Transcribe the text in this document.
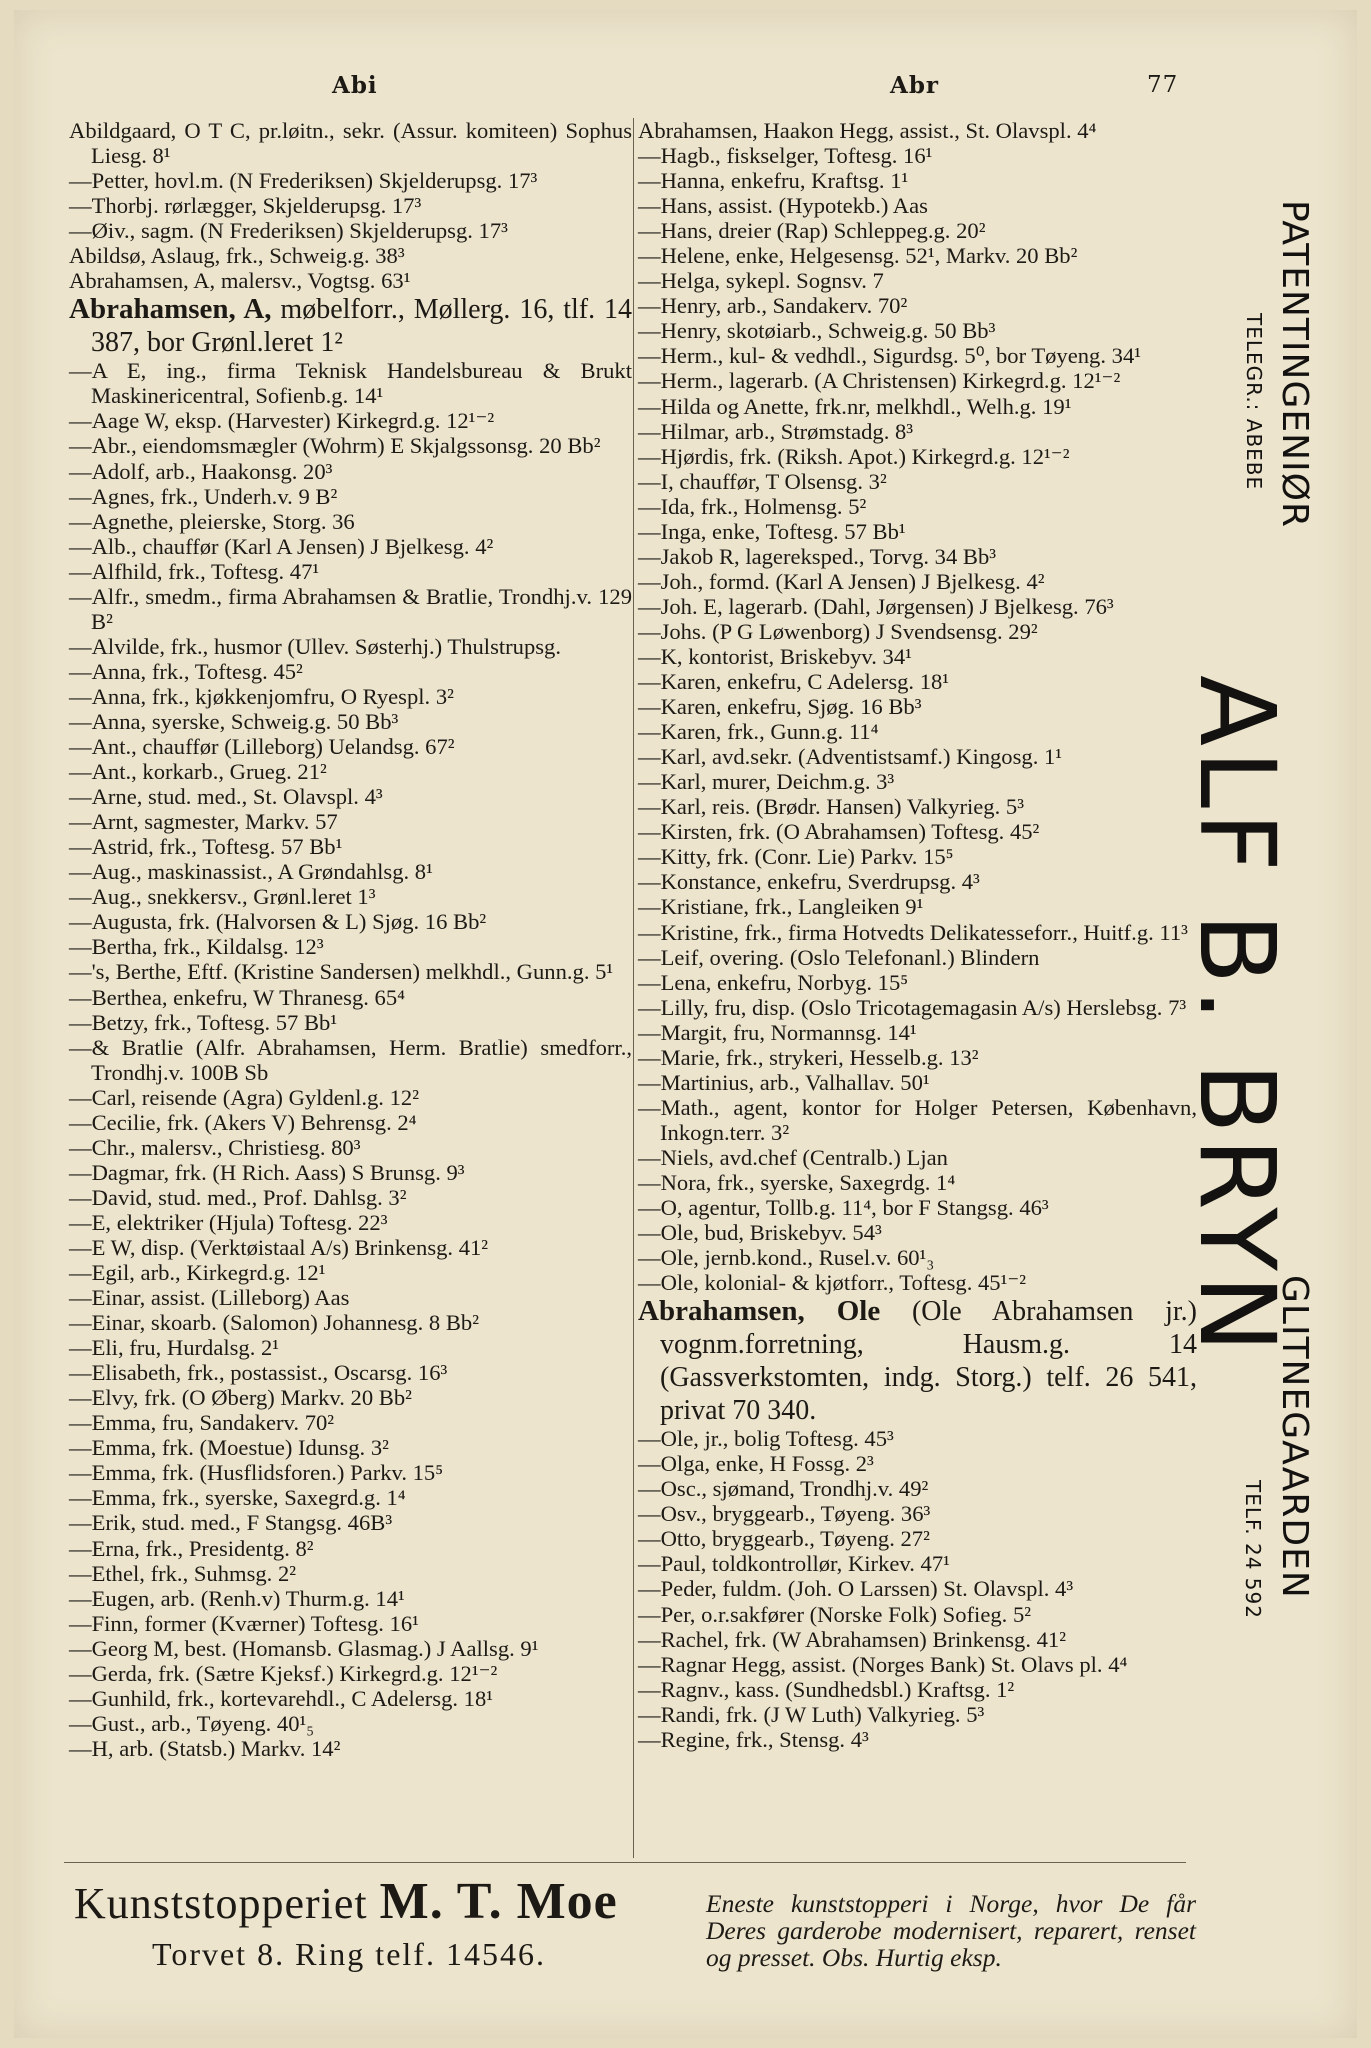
Abi	Abr	77

Abildgaard, O T C, pr.løitn., sekr. (Assur. komiteen) Sophus Liesg. 8¹

—Petter, hovl.m. (N Frederiksen) Skjelderupsg. 17³

—Thorbj. rørlægger, Skjelderupsg. 17³

—Øiv., sagm. (N Frederiksen) Skjelderupsg. 17³

Abildsø, Aslaug, frk., Schweig.g. 38³

Abrahamsen, A, malersv., Vogtsg. 63¹

Abrahamsen, A, møbelforr., Møllerg. 16, tlf. 14 387, bor Grønl.leret 1²

—A E, ing., firma Teknisk Handelsbureau & Brukt Maskinericentral, Sofienb.g. 14¹

—Aage W, eksp. (Harvester) Kirkegrd.g. 12¹⁻²

—Abr., eiendomsmægler (Wohrm) E Skjalgssonsg. 20 Bb²

—Adolf, arb., Haakonsg. 20³

—Agnes, frk., Underh.v. 9 B²

—Agnethe, pleierske, Storg. 36

—Alb., chauffør (Karl A Jensen) J Bjelkesg. 4²

—Alfhild, frk., Toftesg. 47¹

—Alfr., smedm., firma Abrahamsen & Bratlie, Trondhj.v. 129 B²

—Alvilde, frk., husmor (Ullev. Søsterhj.) Thulstrupsg.

—Anna, frk., Toftesg. 45²

—Anna, frk., kjøkkenjomfru, O Ryespl. 3²

—Anna, syerske, Schweig.g. 50 Bb³

—Ant., chauffør (Lilleborg) Uelandsg. 67²

—Ant., korkarb., Grueg. 21²

—Arne, stud. med., St. Olavspl. 4³

—Arnt, sagmester, Markv. 57

—Astrid, frk., Toftesg. 57 Bb¹

—Aug., maskinassist., A Grøndahlsg. 8¹

—Aug., snekkersv., Grønl.leret 1³

—Augusta, frk. (Halvorsen & L) Sjøg. 16 Bb²

—Bertha, frk., Kildalsg. 12³

—'s, Berthe, Eftf. (Kristine Sandersen) melkhdl., Gunn.g. 5¹

—Berthea, enkefru, W Thranesg. 65⁴

—Betzy, frk., Toftesg. 57 Bb¹

—& Bratlie (Alfr. Abrahamsen, Herm. Bratlie) smedforr., Trondhj.v. 100B Sb

—Carl, reisende (Agra) Gyldenl.g. 12²

—Cecilie, frk. (Akers V) Behrensg. 2⁴

—Chr., malersv., Christiesg. 80³

—Dagmar, frk. (H Rich. Aass) S Brunsg. 9³

—David, stud. med., Prof. Dahlsg. 3²

—E, elektriker (Hjula) Toftesg. 22³

—E W, disp. (Verktøistaal A/s) Brinkensg. 41²

—Egil, arb., Kirkegrd.g. 12¹

—Einar, assist. (Lilleborg) Aas

—Einar, skoarb. (Salomon) Johannesg. 8 Bb²

—Eli, fru, Hurdalsg. 2¹

—Elisabeth, frk., postassist., Oscarsg. 16³

—Elvy, frk. (O Øberg) Markv. 20 Bb²

—Emma, fru, Sandakerv. 70²

—Emma, frk. (Moestue) Idunsg. 3²

—Emma, frk. (Husflidsforen.) Parkv. 15⁵

—Emma, frk., syerske, Saxegrd.g. 1⁴

—Erik, stud. med., F Stangsg. 46B³

—Erna, frk., Presidentg. 8²

—Ethel, frk., Suhmsg. 2²

—Eugen, arb. (Renh.v) Thurm.g. 14¹

—Finn, former (Kværner) Toftesg. 16¹

—Georg M, best. (Homansb. Glasmag.) J Aallsg. 9¹

—Gerda, frk. (Sætre Kjeksf.) Kirkegrd.g. 12¹⁻²

—Gunhild, frk., kortevarehdl., C Adelersg. 18¹

—Gust., arb., Tøyeng. 40¹₅

—H, arb. (Statsb.) Markv. 14²

Abrahamsen, Haakon Hegg, assist., St. Olavspl. 4⁴

—Hagb., fiskselger, Toftesg. 16¹

—Hanna, enkefru, Kraftsg. 1¹

—Hans, assist. (Hypotekb.) Aas

—Hans, dreier (Rap) Schleppeg.g. 20²

—Helene, enke, Helgesensg. 52¹, Markv. 20 Bb²

—Helga, sykepl. Sognsv. 7

—Henry, arb., Sandakerv. 70²

—Henry, skotøiarb., Schweig.g. 50 Bb³

—Herm., kul- & vedhdl., Sigurdsg. 5⁰, bor Tøyeng. 34¹

—Herm., lagerarb. (A Christensen) Kirkegrd.g. 12¹⁻²

—Hilda og Anette, frk.nr, melkhdl., Welh.g. 19¹

—Hilmar, arb., Strømstadg. 8³

—Hjørdis, frk. (Riksh. Apot.) Kirkegrd.g. 12¹⁻²

—I, chauffør, T Olsensg. 3²

—Ida, frk., Holmensg. 5²

—Inga, enke, Toftesg. 57 Bb¹

—Jakob R, lagereksped., Torvg. 34 Bb³

—Joh., formd. (Karl A Jensen) J Bjelkesg. 4²

—Joh. E, lagerarb. (Dahl, Jørgensen) J Bjelkesg. 76³

—Johs. (P G Løwenborg) J Svendsensg. 29²

—K, kontorist, Briskebyv. 34¹

—Karen, enkefru, C Adelersg. 18¹

—Karen, enkefru, Sjøg. 16 Bb³

—Karen, frk., Gunn.g. 11⁴

—Karl, avd.sekr. (Adventistsamf.) Kingosg. 1¹

—Karl, murer, Deichm.g. 3³

—Karl, reis. (Brødr. Hansen) Valkyrieg. 5³

—Kirsten, frk. (O Abrahamsen) Toftesg. 45²

—Kitty, frk. (Conr. Lie) Parkv. 15⁵

—Konstance, enkefru, Sverdrupsg. 4³

—Kristiane, frk., Langleiken 9¹

—Kristine, frk., firma Hotvedts Delikatesseforr., Huitf.g. 11³

—Leif, overing. (Oslo Telefonanl.) Blindern

—Lena, enkefru, Norbyg. 15⁵

—Lilly, fru, disp. (Oslo Tricotagemagasin A/s) Herslebsg. 7³

—Margit, fru, Normannsg. 14¹

—Marie, frk., strykeri, Hesselb.g. 13²

—Martinius, arb., Valhallav. 50¹

—Math., agent, kontor for Holger Petersen, København, Inkogn.terr. 3²

—Niels, avd.chef (Centralb.) Ljan

—Nora, frk., syerske, Saxegrdg. 1⁴

—O, agentur, Tollb.g. 11⁴, bor F Stangsg. 46³

—Ole, bud, Briskebyv. 54³

—Ole, jernb.kond., Rusel.v. 60¹₃

—Ole, kolonial- & kjøtforr., Toftesg. 45¹⁻²

Abrahamsen, Ole (Ole Abrahamsen jr.) vognm.forretning, Hausm.g. 14 (Gassverkstomten, indg. Storg.) telf. 26 541, privat 70 340.

—Ole, jr., bolig Toftesg. 45³

—Olga, enke, H Fossg. 2³

—Osc., sjømand, Trondhj.v. 49²

—Osv., bryggearb., Tøyeng. 36³

—Otto, bryggearb., Tøyeng. 27²

—Paul, toldkontrollør, Kirkev. 47¹

—Peder, fuldm. (Joh. O Larssen) St. Olavspl. 4³

—Per, o.r.sakfører (Norske Folk) Sofieg. 5²

—Rachel, frk. (W Abrahamsen) Brinkensg. 41²

—Ragnar Hegg, assist. (Norges Bank) St. Olavs pl. 4⁴

—Ragnv., kass. (Sundhedsbl.) Kraftsg. 1²

—Randi, frk. (J W Luth) Valkyrieg. 5³

—Regine, frk., Stensg. 4³

PATENTINGENIØR
TELEGR.: ABEBE
ALF B. BRYN
GLITNEGAARDEN
TELF. 24 592
Kunststopperiet M. T. Moe
Torvet 8. Ring telf. 14546.
Eneste kunststopperi i Norge, hvor De får Deres garderobe modernisert, reparert, renset og presset. Obs. Hurtig eksp.
